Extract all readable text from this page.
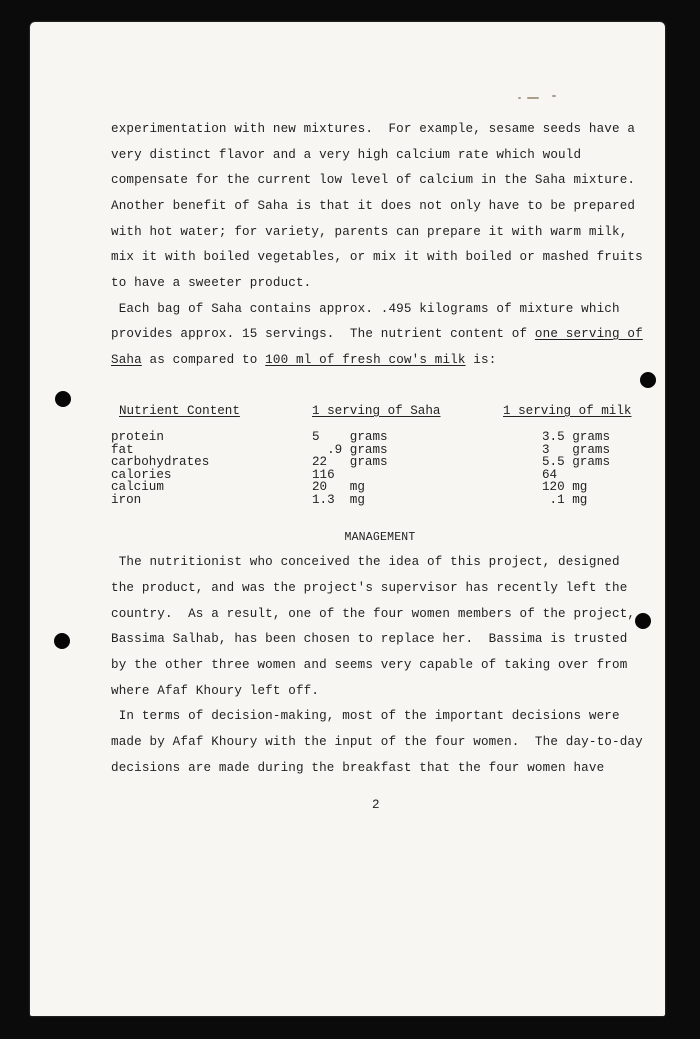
experimentation with new mixtures.  For example, sesame seeds have a
very distinct flavor and a very high calcium rate which would
compensate for the current low level of calcium in the Saha mixture.
Another benefit of Saha is that it does not only have to be prepared
with hot water; for variety, parents can prepare it with warm milk,
mix it with boiled vegetables, or mix it with boiled or mashed fruits
to have a sweeter product.
Each bag of Saha contains approx. .495 kilograms of mixture which
provides approx. 15 servings.  The nutrient content of one serving of
Saha as compared to 100 ml of fresh cow's milk is:
Nutrient Content	1 serving of Saha	1 serving of milk
protein	5    grams	3.5 grams
fat	.9 grams	3   grams
carbohydrates	22   grams	5.5 grams
calories	116	64
calcium	20   mg	120 mg
iron	1.3  mg	.1 mg
MANAGEMENT
The nutritionist who conceived the idea of this project, designed
the product, and was the project's supervisor has recently left the
country.  As a result, one of the four women members of the project,
Bassima Salhab, has been chosen to replace her.  Bassima is trusted
by the other three women and seems very capable of taking over from
where Afaf Khoury left off.
In terms of decision-making, most of the important decisions were
made by Afaf Khoury with the input of the four women.  The day-to-day
decisions are made during the breakfast that the four women have
2
